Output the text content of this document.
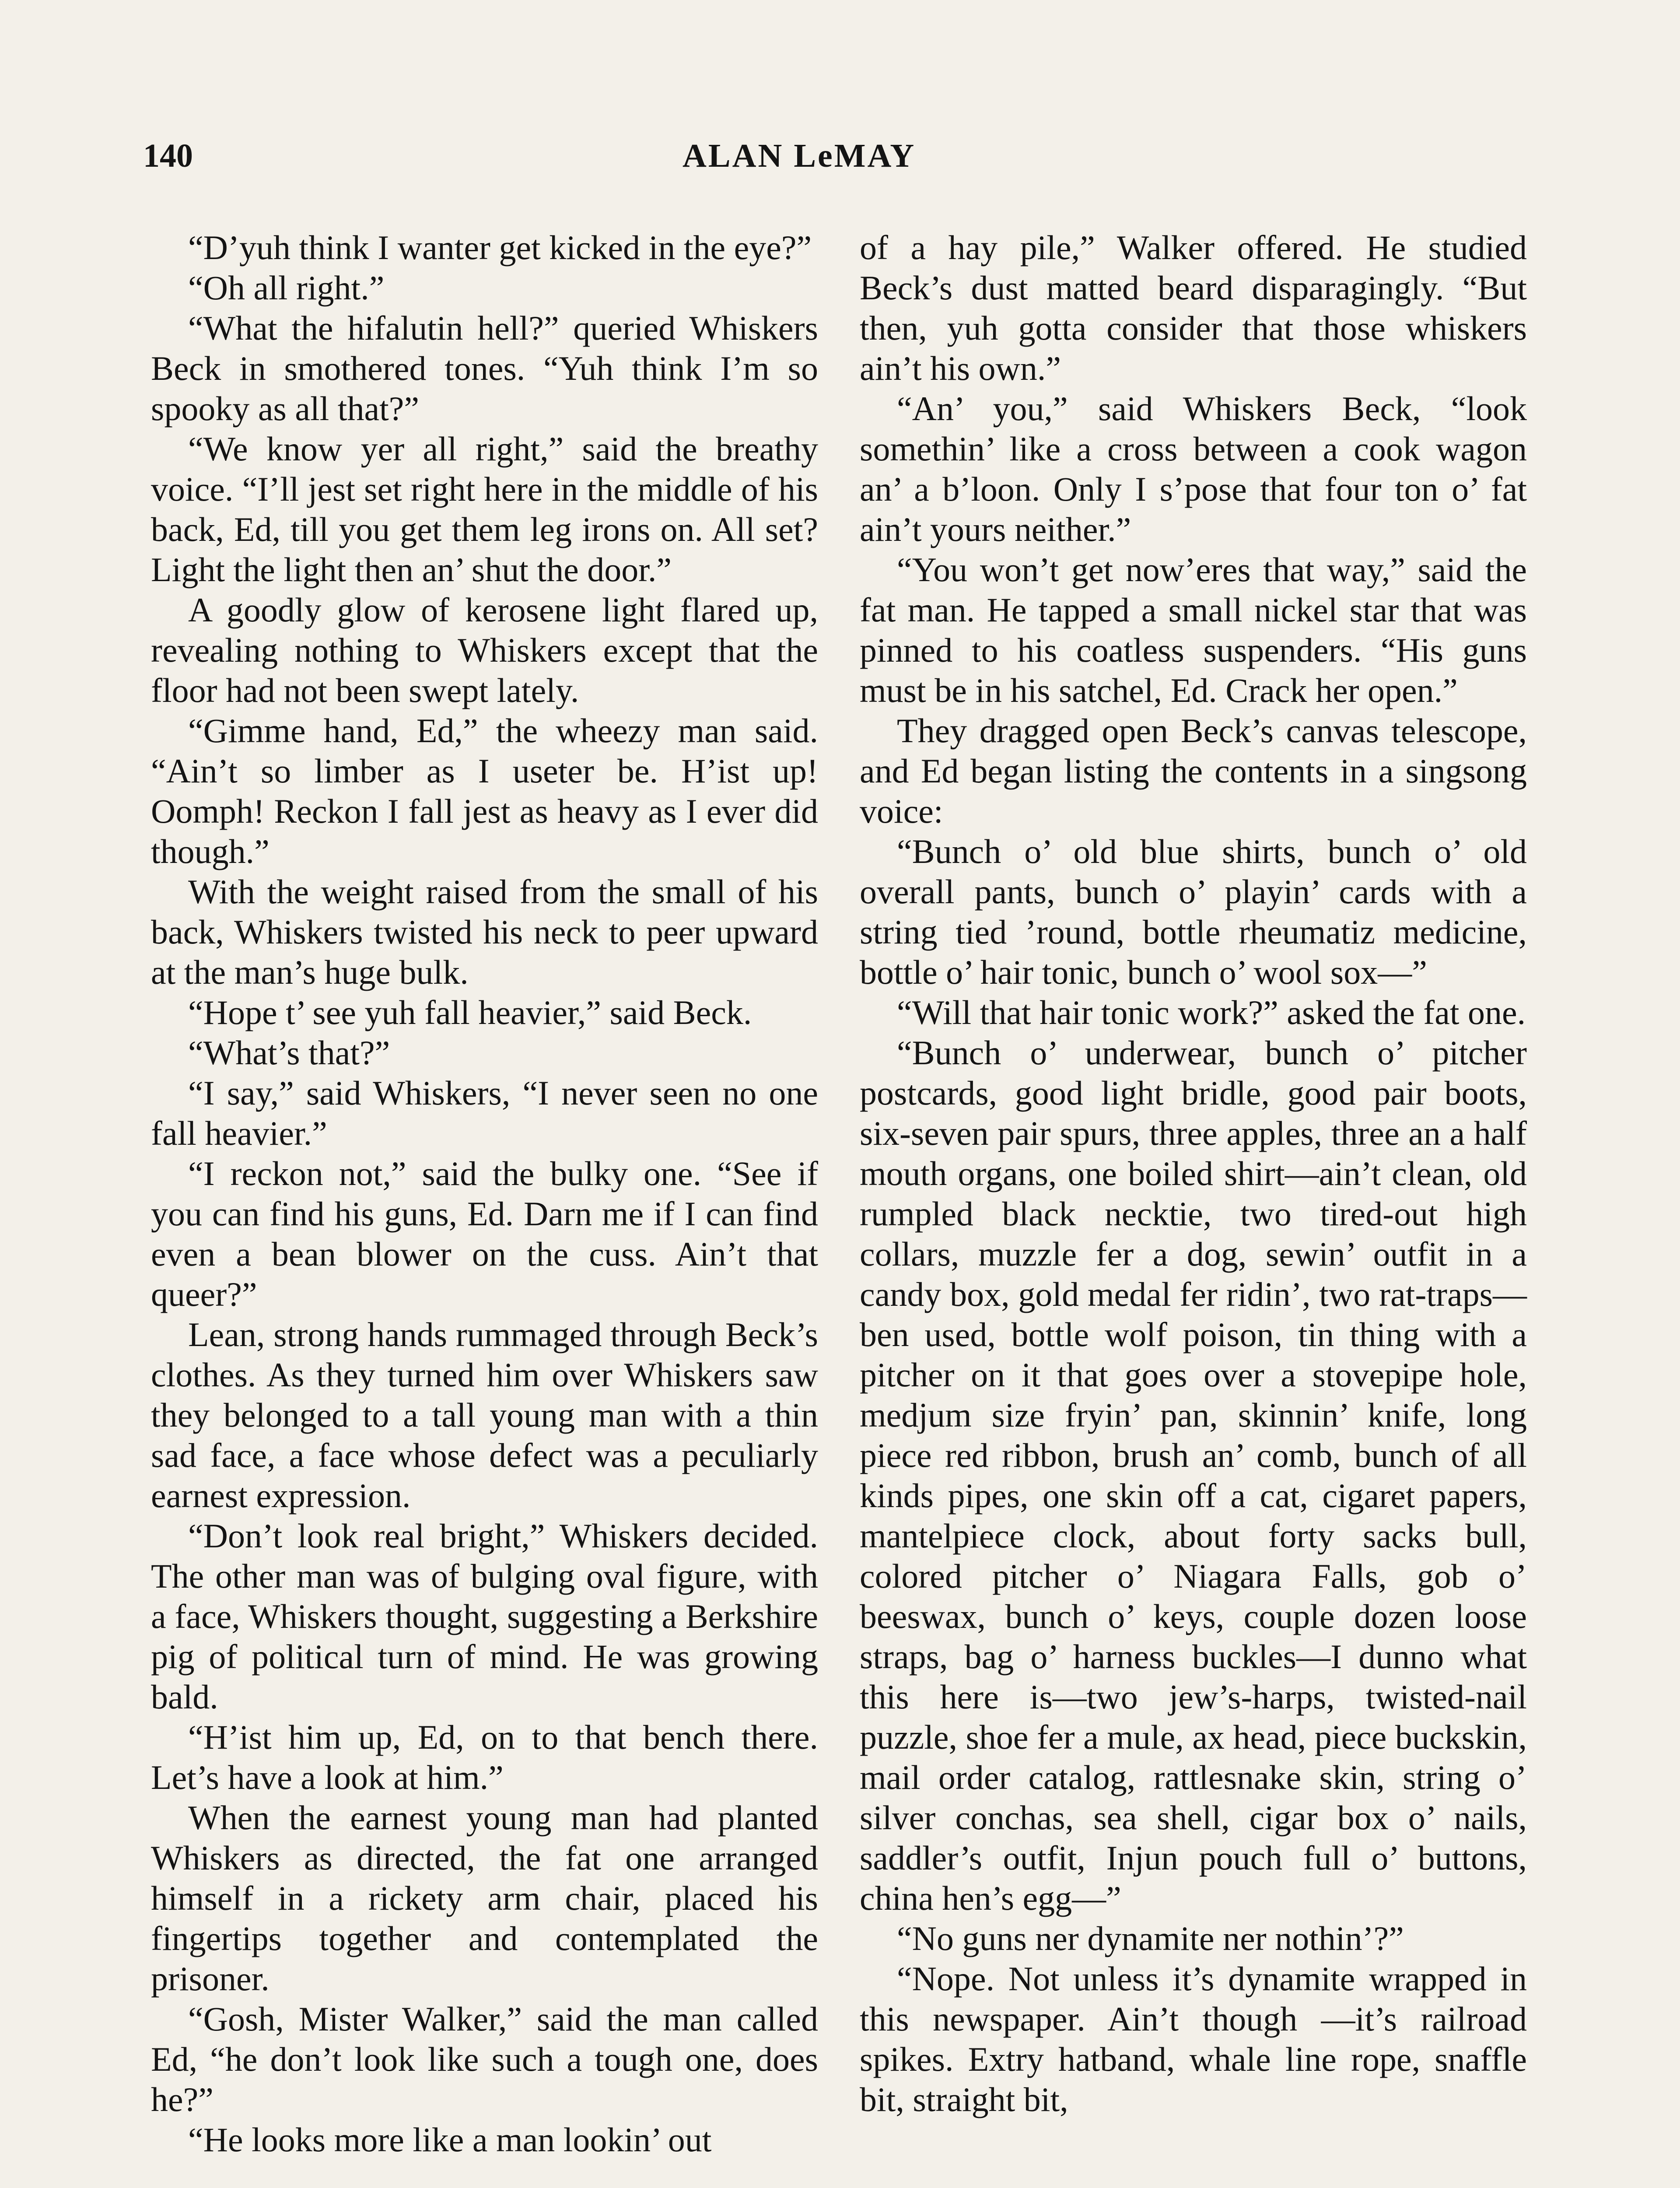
140	ALAN LeMAY

“D’yuh think I wanter get kicked in the eye?”

“Oh all right.”

“What the hifalutin hell?” queried Whiskers Beck in smothered tones. “Yuh think I’m so spooky as all that?”

“We know yer all right,” said the breathy voice. “I’ll jest set right here in the middle of his back, Ed, till you get them leg irons on. All set? Light the light then an’ shut the door.”

A goodly glow of kerosene light flared up, revealing nothing to Whiskers except that the floor had not been swept lately.

“Gimme hand, Ed,” the wheezy man said. “Ain’t so limber as I useter be. H’ist up! Oomph! Reckon I fall jest as heavy as I ever did though.”

With the weight raised from the small of his back, Whiskers twisted his neck to peer upward at the man’s huge bulk.

“Hope t’ see yuh fall heavier,” said Beck.

“What’s that?”

“I say,” said Whiskers, “I never seen no one fall heavier.”

“I reckon not,” said the bulky one. “See if you can find his guns, Ed. Darn me if I can find even a bean blower on the cuss. Ain’t that queer?”

Lean, strong hands rummaged through Beck’s clothes. As they turned him over Whiskers saw they belonged to a tall young man with a thin sad face, a face whose defect was a peculiarly earnest expression.

“Don’t look real bright,” Whiskers decided. The other man was of bulging oval figure, with a face, Whiskers thought, suggesting a Berkshire pig of political turn of mind. He was growing bald.

“H’ist him up, Ed, on to that bench there. Let’s have a look at him.”

When the earnest young man had planted Whiskers as directed, the fat one arranged himself in a rickety arm chair, placed his fingertips together and contemplated the prisoner.

“Gosh, Mister Walker,” said the man called Ed, “he don’t look like such a tough one, does he?”

“He looks more like a man lookin’ out

of a hay pile,” Walker offered. He studied Beck’s dust matted beard disparagingly. “But then, yuh gotta consider that those whiskers ain’t his own.”

“An’ you,” said Whiskers Beck, “look somethin’ like a cross between a cook wagon an’ a b’loon. Only I s’pose that four ton o’ fat ain’t yours neither.”

“You won’t get now’eres that way,” said the fat man. He tapped a small nickel star that was pinned to his coatless suspenders. “His guns must be in his satchel, Ed. Crack her open.”

They dragged open Beck’s canvas telescope, and Ed began listing the contents in a singsong voice:

“Bunch o’ old blue shirts, bunch o’ old overall pants, bunch o’ playin’ cards with a string tied ’round, bottle rheumatiz medicine, bottle o’ hair tonic, bunch o’ wool sox—”

“Will that hair tonic work?” asked the fat one.

“Bunch o’ underwear, bunch o’ pitcher postcards, good light bridle, good pair boots, six-seven pair spurs, three apples, three an a half mouth organs, one boiled shirt—ain’t clean, old rumpled black necktie, two tired-out high collars, muzzle fer a dog, sewin’ outfit in a candy box, gold medal fer ridin’, two rat-traps—ben used, bottle wolf poison, tin thing with a pitcher on it that goes over a stovepipe hole, medjum size fryin’ pan, skinnin’ knife, long piece red ribbon, brush an’ comb, bunch of all kinds pipes, one skin off a cat, cigaret papers, mantelpiece clock, about forty sacks bull, colored pitcher o’ Niagara Falls, gob o’ beeswax, bunch o’ keys, couple dozen loose straps, bag o’ harness buckles—I dunno what this here is—two jew’s-harps, twisted-nail puzzle, shoe fer a mule, ax head, piece buckskin, mail order catalog, rattlesnake skin, string o’ silver conchas, sea shell, cigar box o’ nails, saddler’s outfit, Injun pouch full o’ buttons, china hen’s egg—”

“No guns ner dynamite ner nothin’?”

“Nope. Not unless it’s dynamite wrapped in this newspaper. Ain’t though —it’s railroad spikes. Extry hatband, whale line rope, snaffle bit, straight bit,
